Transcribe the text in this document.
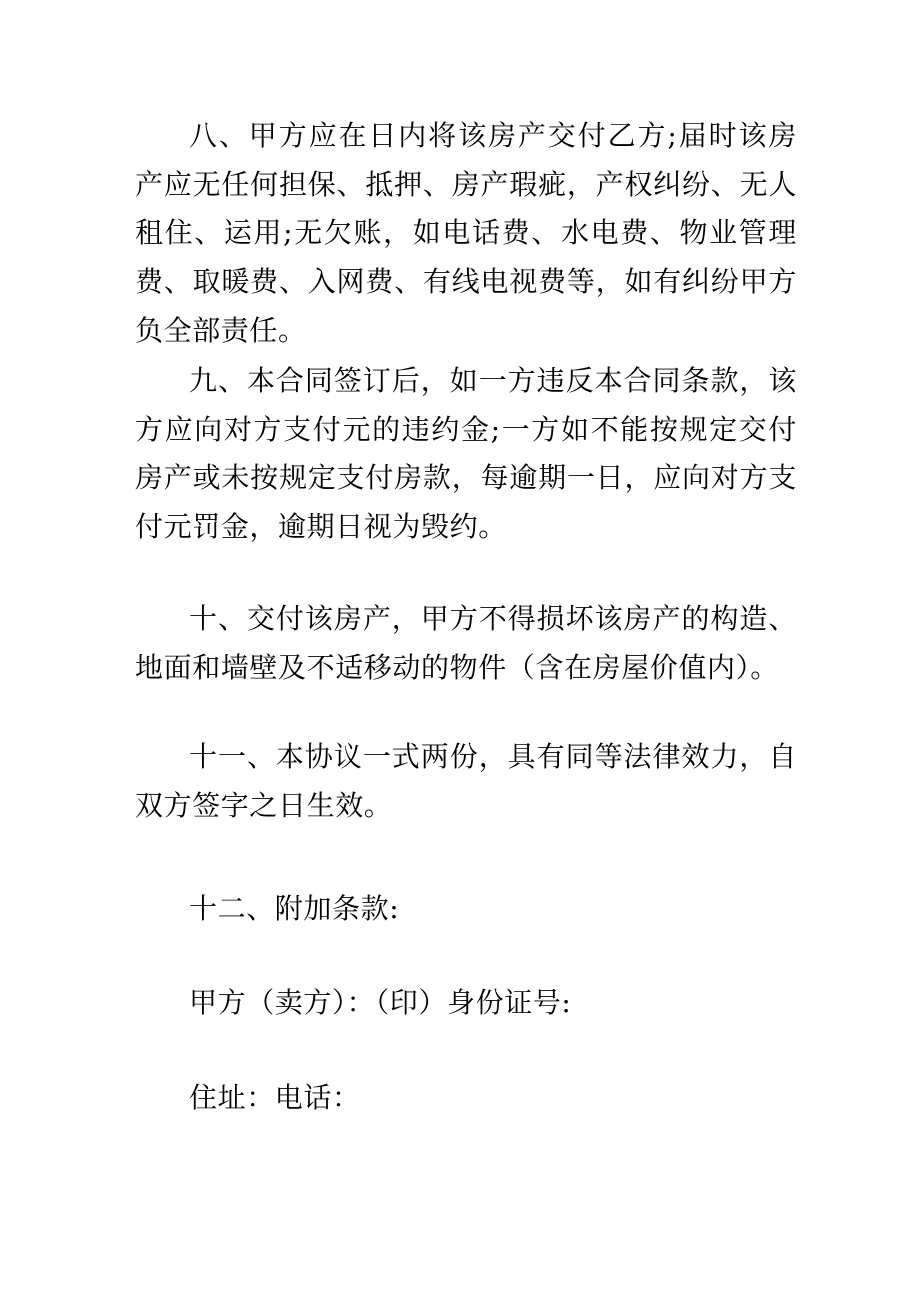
八、甲方应在日内将该房产交付乙方;届时该房产应无任何担保、抵押、房产瑕疵，产权纠纷、无人租住、运用;无欠账，如电话费、水电费、物业管理费、取暖费、入网费、有线电视费等，如有纠纷甲方负全部责任。

九、本合同签订后，如一方违反本合同条款，该方应向对方支付元的违约金;一方如不能按规定交付房产或未按规定支付房款，每逾期一日，应向对方支付元罚金，逾期日视为毁约。

十、交付该房产，甲方不得损坏该房产的构造、地面和墙壁及不适移动的物件（含在房屋价值内）。

十一、本协议一式两份，具有同等法律效力，自双方签字之日生效。

十二、附加条款:

甲方（卖方）：（印）身份证号:

住址：电话：
